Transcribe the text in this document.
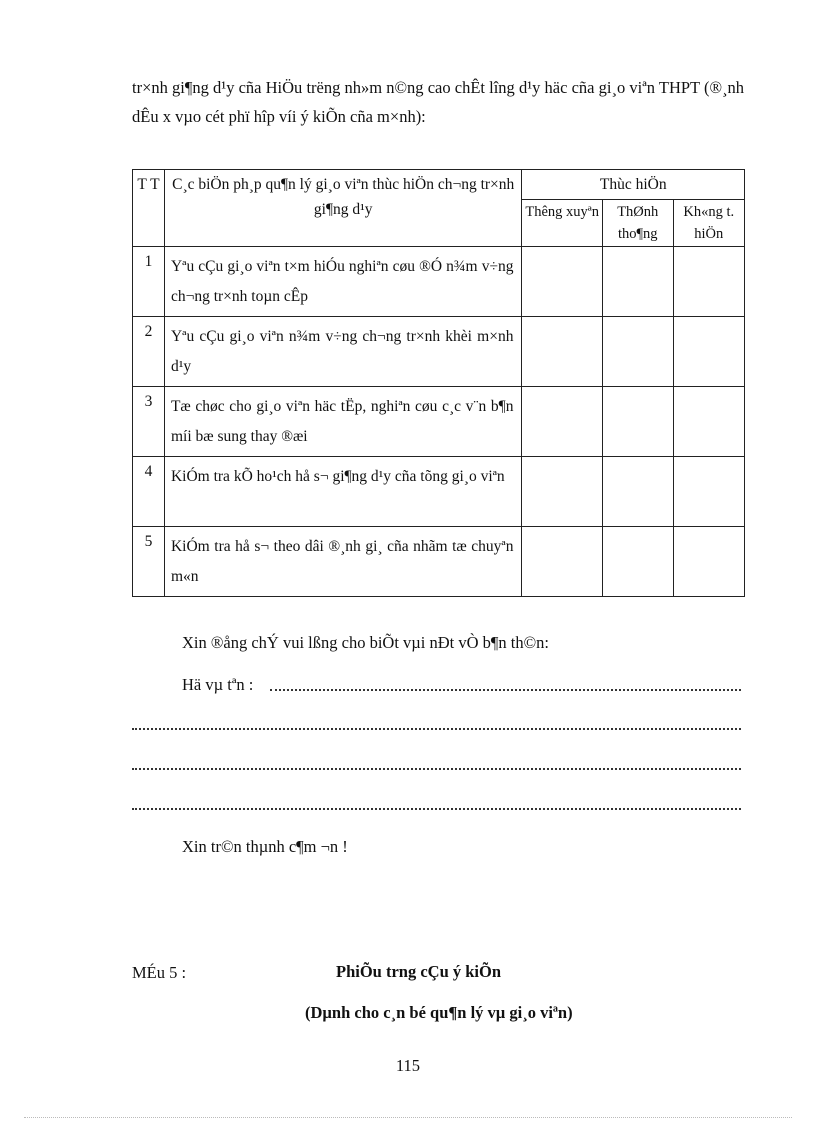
tr×nh gi¶ng d¹y cña HiÖu trëng nh»m n©ng cao chÊt lîng d¹y häc cña gi¸o viªn THPT (®¸nh dÊu x vµo cét phï hîp víi ý kiÕn cña m×nh):
T T	C¸c biÖn ph¸p qu¶n lý gi¸o viªn thùc hiÖn ch¬ng tr×nh gi¶ng d¹y	Thùc hiÖn		
		Thêng xuyªn	ThØnh tho¶ng	Kh«ng t. hiÖn
1	Yªu cÇu gi¸o viªn t×m hiÓu nghiªn cøu ®Ó n¾m v÷ng ch¬ng tr×nh toµn cÊp			
2	Yªu cÇu gi¸o viªn n¾m v÷ng ch¬ng tr×nh khèi m×nh d¹y			
3	Tæ chøc cho gi¸o viªn häc tËp, nghiªn cøu c¸c v¨n b¶n míi bæ sung thay ®æi			
4	KiÓm tra kÕ ho¹ch hå s¬ gi¶ng d¹y cña tõng gi¸o viªn			
5	KiÓm tra hå s¬ theo dâi ®¸nh gi¸ cña nhãm tæ chuyªn m«n			
Xin ®ång chÝ vui lßng cho biÕt vµi nÐt vÒ b¶n th©n:
Hä vµ tªn :
Xin tr©n thµnh c¶m ¬n !
MÉu 5 :	PhiÕu trng cÇu ý kiÕn
(Dµnh cho c¸n bé qu¶n lý vµ gi¸o viªn)
115
